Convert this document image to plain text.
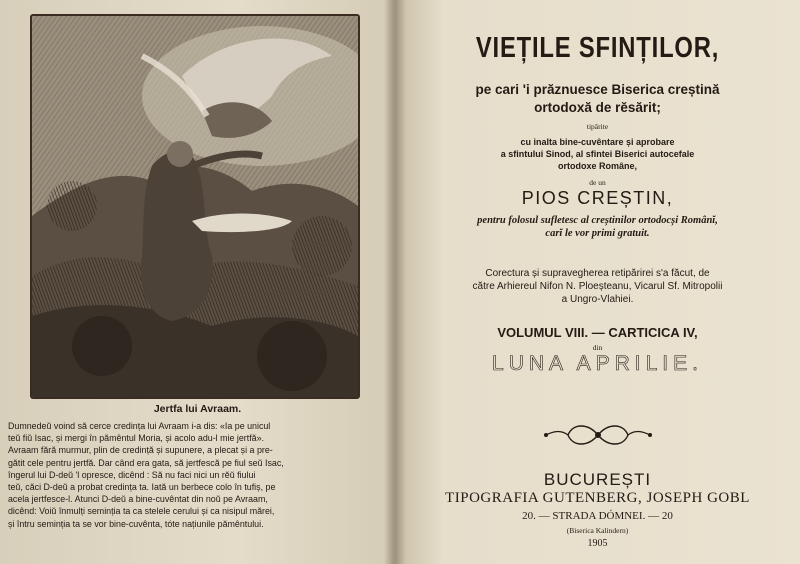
Jertfa lui Avraam.
Dumnedeŭ voind să cerce credința lui Avraam i-a dis: «Ia pe unicul
teŭ fiŭ Isac, și mergi în pămêntul Moria, și acolo adu-l mie jertfă».
Avraam fără murmur, plin de credință și supunere, a plecat și a pre-
gătit cele pentru jertfă. Dar când era gata, să jertfescă pe fiul seŭ Isac,
îngerul lui D-deŭ 'l opresce, dicênd : Să nu faci nici un rĕŭ fiului
teŭ, căci D-deŭ a probat credința ta. Iată un berbece colo în tufiș, pe
acela jertfesce-l. Atunci D-deŭ a bine-cuvêntat din noŭ pe Avraam,
dicênd: Voiŭ înmulți seminția ta ca stelele cerului și ca nisipul mărei,
și întru seminția ta se vor bine-cuvênta, tóte națiunile pămêntului.
VIEȚILE SFINȚILOR,
pe cari 'i prăznuesce Biserica creștină
ortodoxă de rĕsărit;
tipărite
cu inalta bine-cuvêntare și aprobare
a sfintului Sinod, al sfintei Biserici autocefale
ortodoxe Române,
de un
PIOS CREȘTIN,
pentru folosul sufletesc al creștinilor ortodocși Românĭ,
carĭ le vor primi gratuit.
Corectura și supravegherea retipărirei s'a făcut, de
către Arhiereul Nifon N. Ploeșteanu, Vicarul Sf. Mitropolii
a Ungro-Vlahiei.
VOLUMUL VIII. — CARTICICA IV,
din
LUNA APRILIE.
BUCUREȘTI
TIPOGRAFIA GUTENBERG, JOSEPH GOBL
20. — STRADA DÓMNEI. — 20
(Biserica Kalindern)
1905
